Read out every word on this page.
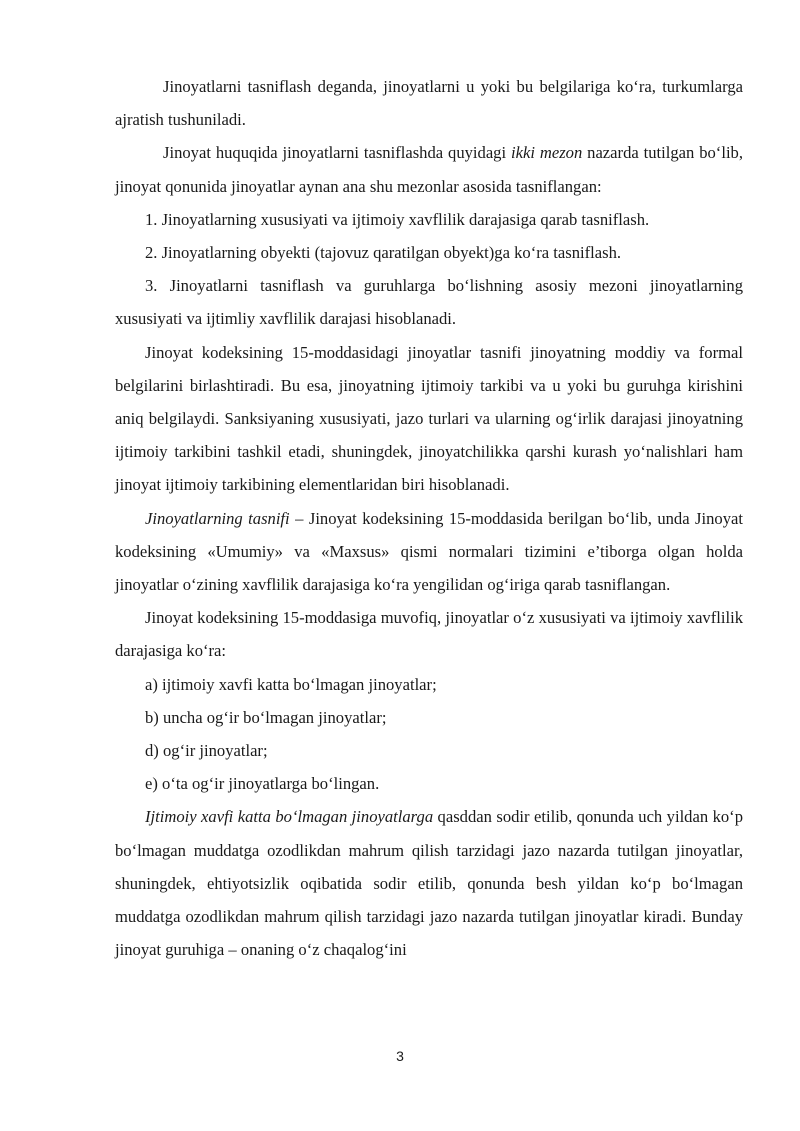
Jinoyatlarni tasniflash deganda, jinoyatlarni u yoki bu belgilariga ko‘ra, turkumlarga ajratish tushuniladi.

Jinoyat huquqida jinoyatlarni tasniflashda quyidagi ikki mezon nazarda tutilgan bo‘lib, jinoyat qonunida jinoyatlar aynan ana shu mezonlar asosida tasniflangan:

1. Jinoyatlarning xususiyati va ijtimoiy xavflilik darajasiga qarab tasniflash.

2. Jinoyatlarning obyekti (tajovuz qaratilgan obyekt)ga ko‘ra tasniflash.

3. Jinoyatlarni tasniflash va guruhlarga bo‘lishning asosiy mezoni jinoyatlarning xususiyati va ijtimliy xavflilik darajasi hisoblanadi.

Jinoyat kodeksining 15-moddasidagi jinoyatlar tasnifi jinoyatning moddiy va formal belgilarini birlashtiradi. Bu esa, jinoyatning ijtimoiy tarkibi va u yoki bu guruhga kirishini aniq belgilaydi. Sanksiyaning xususiyati, jazo turlari va ularning og‘irlik darajasi jinoyatning ijtimoiy tarkibini tashkil etadi, shuningdek, jinoyatchilikka qarshi kurash yo‘nalishlari ham jinoyat ijtimoiy tarkibining elementlaridan biri hisoblanadi.

Jinoyatlarning tasnifi – Jinoyat kodeksining 15-moddasida berilgan bo‘lib, unda Jinoyat kodeksining «Umumiy» va «Maxsus» qismi normalari tizimini e’tiborga olgan holda jinoyatlar o‘zining xavflilik darajasiga ko‘ra yengilidan og‘iriga qarab tasniflangan.

Jinoyat kodeksining 15-moddasiga muvofiq, jinoyatlar o‘z xususiyati va ijtimoiy xavflilik darajasiga ko‘ra:

a) ijtimoiy xavfi katta bo‘lmagan jinoyatlar;

b) uncha og‘ir bo‘lmagan jinoyatlar;

d) og‘ir jinoyatlar;

e) o‘ta og‘ir jinoyatlarga bo‘lingan.

Ijtimoiy xavfi katta bo‘lmagan jinoyatlarga qasddan sodir etilib, qonunda uch yildan ko‘p bo‘lmagan muddatga ozodlikdan mahrum qilish tarzidagi jazo nazarda tutilgan jinoyatlar, shuningdek, ehtiyotsizlik oqibatida sodir etilib, qonunda besh yildan ko‘p bo‘lmagan muddatga ozodlikdan mahrum qilish tarzidagi jazo nazarda tutilgan jinoyatlar kiradi. Bunday jinoyat guruhiga – onaning o‘z chaqalog‘ini

3
